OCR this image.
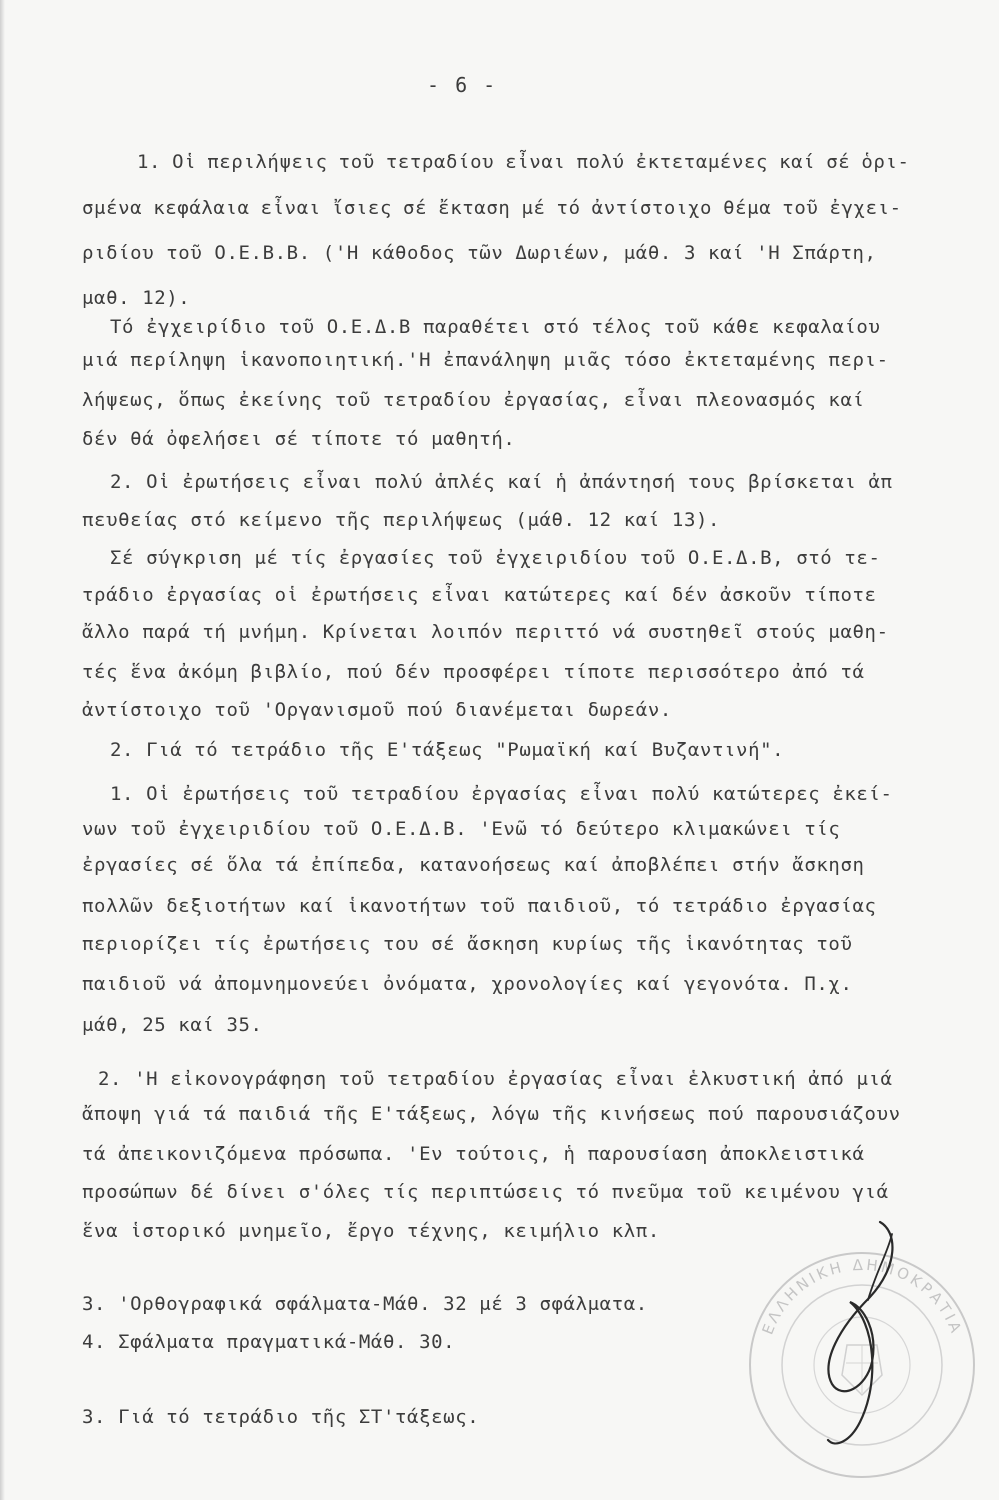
- 6 -
1. Οἱ περιλήψεις τοῦ τετραδίου εἶναι πολύ ἐκτεταμένες καί σέ ὁρι-
σμένα κεφάλαια εἶναι ἴσιες σέ ἔκταση μέ τό ἀντίστοιχο θέμα τοῦ ἐγχει-
ριδίου τοῦ Ο.Ε.Β.Β. ('Η κάθοδος τῶν Δωριέων, μάθ. 3 καί 'Η Σπάρτη,
μαθ. 12).
Τό ἐγχειρίδιο τοῦ Ο.Ε.Δ.Β παραθέτει στό τέλος τοῦ κάθε κεφαλαίου
μιά περίληψη ἱκανοποιητική.'Η ἐπανάληψη μιᾶς τόσο ἐκτεταμένης περι-
λήψεως, ὅπως ἐκείνης τοῦ τετραδίου ἐργασίας, εἶναι πλεονασμός καί
δέν θά ὀφελήσει σέ τίποτε τό μαθητή.
2. Οἱ ἐρωτήσεις εἶναι πολύ ἁπλές καί ἡ ἀπάντησή τους βρίσκεται ἀπ
πευθείας στό κείμενο τῆς περιλήψεως (μάθ. 12 καί 13).
Σέ σύγκριση μέ τίς ἐργασίες τοῦ ἐγχειριδίου τοῦ Ο.Ε.Δ.Β, στό τε-
τράδιο ἐργασίας οἱ ἐρωτήσεις εἶναι κατώτερες καί δέν ἀσκοῦν τίποτε
ἄλλο παρά τή μνήμη. Κρίνεται λοιπόν περιττό νά συστηθεῖ στούς μαθη-
τές ἕνα ἀκόμη βιβλίο, πού δέν προσφέρει τίποτε περισσότερο ἀπό τά
ἀντίστοιχο τοῦ 'Οργανισμοῦ πού διανέμεται δωρεάν.
2. Γιά τό τετράδιο τῆς Ε'τάξεως "Ρωμαϊκή καί Βυζαντινή".
1. Οἱ ἐρωτήσεις τοῦ τετραδίου ἐργασίας εἶναι πολύ κατώτερες ἐκεί-
νων τοῦ ἐγχειριδίου τοῦ Ο.Ε.Δ.Β. 'Ενῶ τό δεύτερο κλιμακώνει τίς
ἐργασίες σέ ὅλα τά ἐπίπεδα, κατανοήσεως καί ἀποβλέπει στήν ἄσκηση
πολλῶν δεξιοτήτων καί ἱκανοτήτων τοῦ παιδιοῦ, τό τετράδιο ἐργασίας
περιορίζει τίς ἐρωτήσεις του σέ ἄσκηση κυρίως τῆς ἱκανότητας τοῦ
παιδιοῦ νά ἀπομνημονεύει ὀνόματα, χρονολογίες καί γεγονότα. Π.χ.
μάθ, 25 καί 35.
2. 'Η εἰκονογράφηση τοῦ τετραδίου ἐργασίας εἶναι ἑλκυστική ἀπό μιά
ἄποψη γιά τά παιδιά τῆς Ε'τάξεως, λόγω τῆς κινήσεως πού παρουσιάζουν
τά ἀπεικονιζόμενα πρόσωπα. 'Εν τούτοις, ἡ παρουσίαση ἀποκλειστικά
προσώπων δέ δίνει σ'όλες τίς περιπτώσεις τό πνεῦμα τοῦ κειμένου γιά
ἕνα ἱστορικό μνημεῖο, ἔργο τέχνης, κειμήλιο κλπ.
3. 'Ορθογραφικά σφάλματα-Μάθ. 32 μέ 3 σφάλματα.
4. Σφάλματα πραγματικά-Μάθ. 30.
3. Γιά τό τετράδιο τῆς ΣΤ'τάξεως.
ΕΛΛΗΝΙΚΗ ΔΗΜΟΚΡΑΤΙΑ
